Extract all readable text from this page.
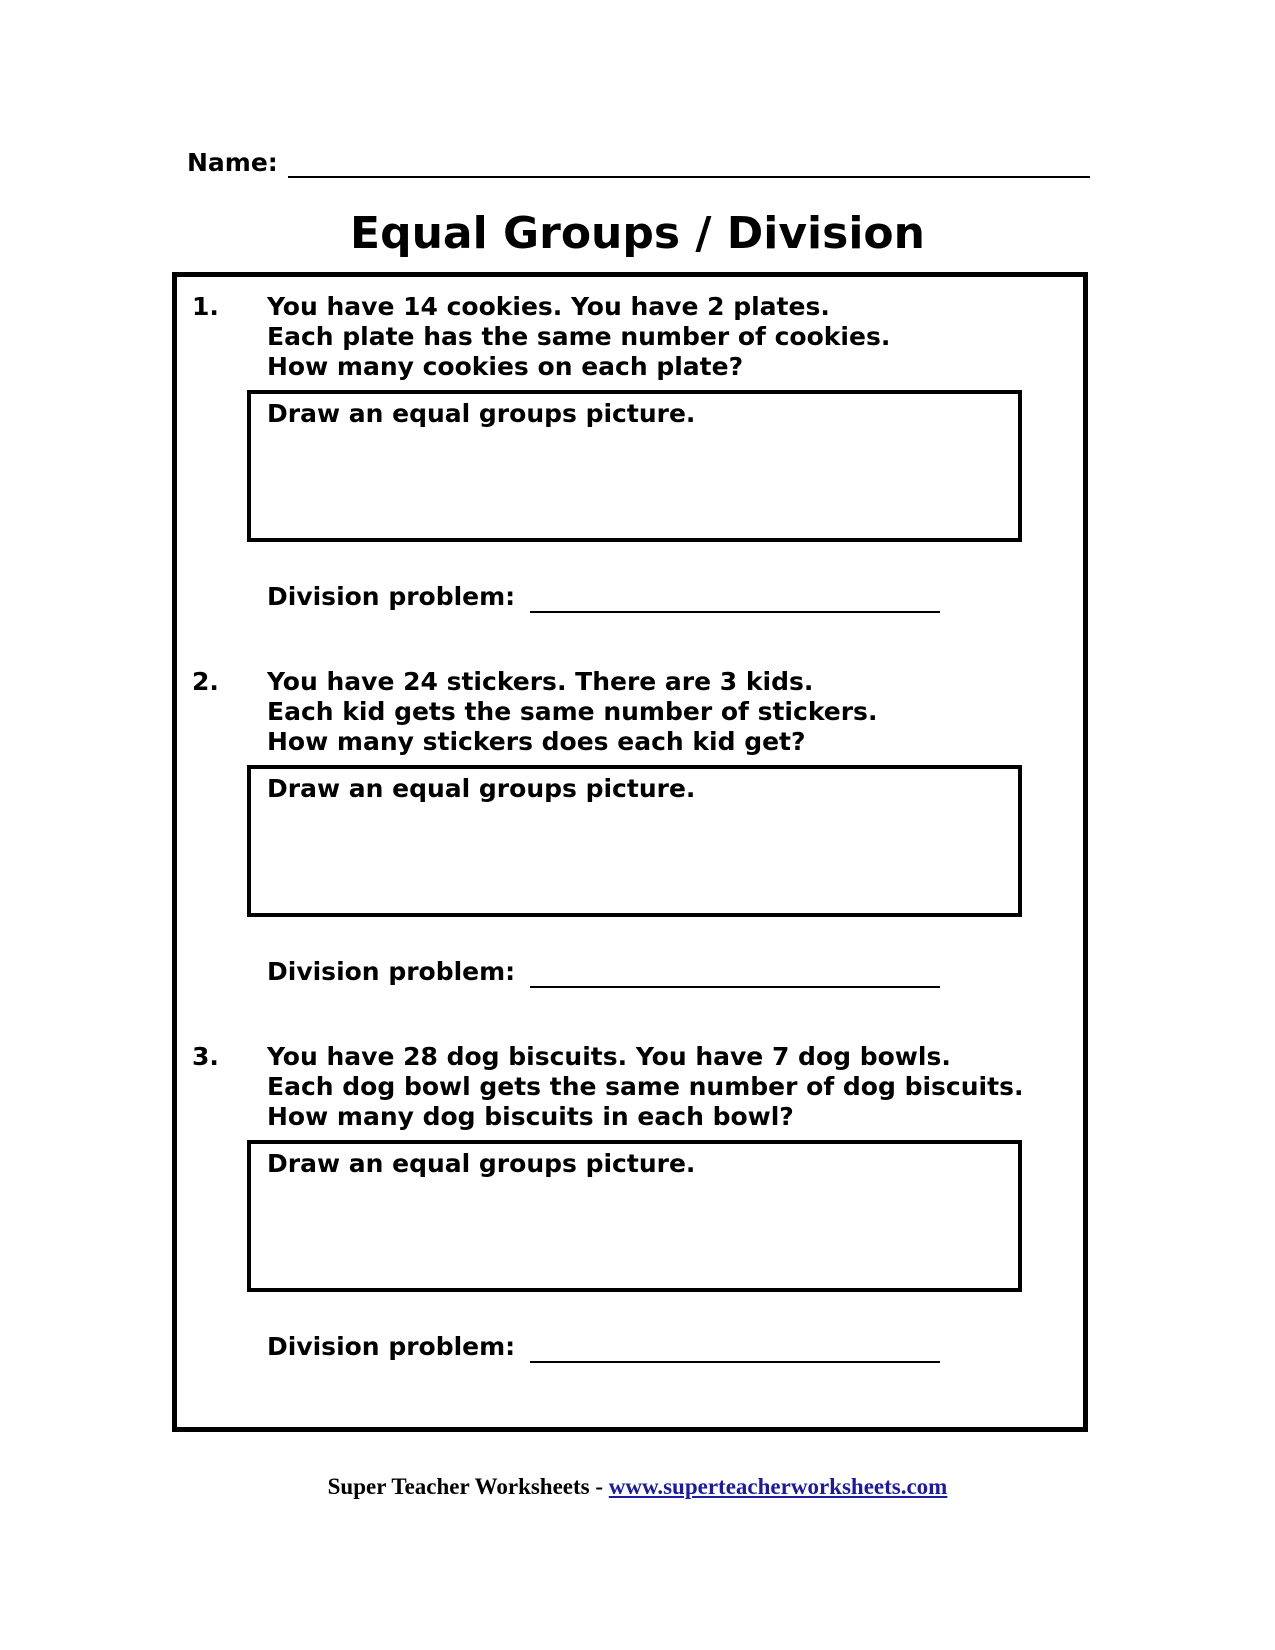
Name:
Equal Groups / Division
1. You have 14 cookies. You have 2 plates.
Each plate has the same number of cookies.
How many cookies on each plate?
Draw an equal groups picture.
Division problem:
2. You have 24 stickers. There are 3 kids.
Each kid gets the same number of stickers.
How many stickers does each kid get?
Draw an equal groups picture.
Division problem:
3. You have 28 dog biscuits. You have 7 dog bowls.
Each dog bowl gets the same number of dog biscuits.
How many dog biscuits in each bowl?
Draw an equal groups picture.
Division problem:
Super Teacher Worksheets - www.superteacherworksheets.com
